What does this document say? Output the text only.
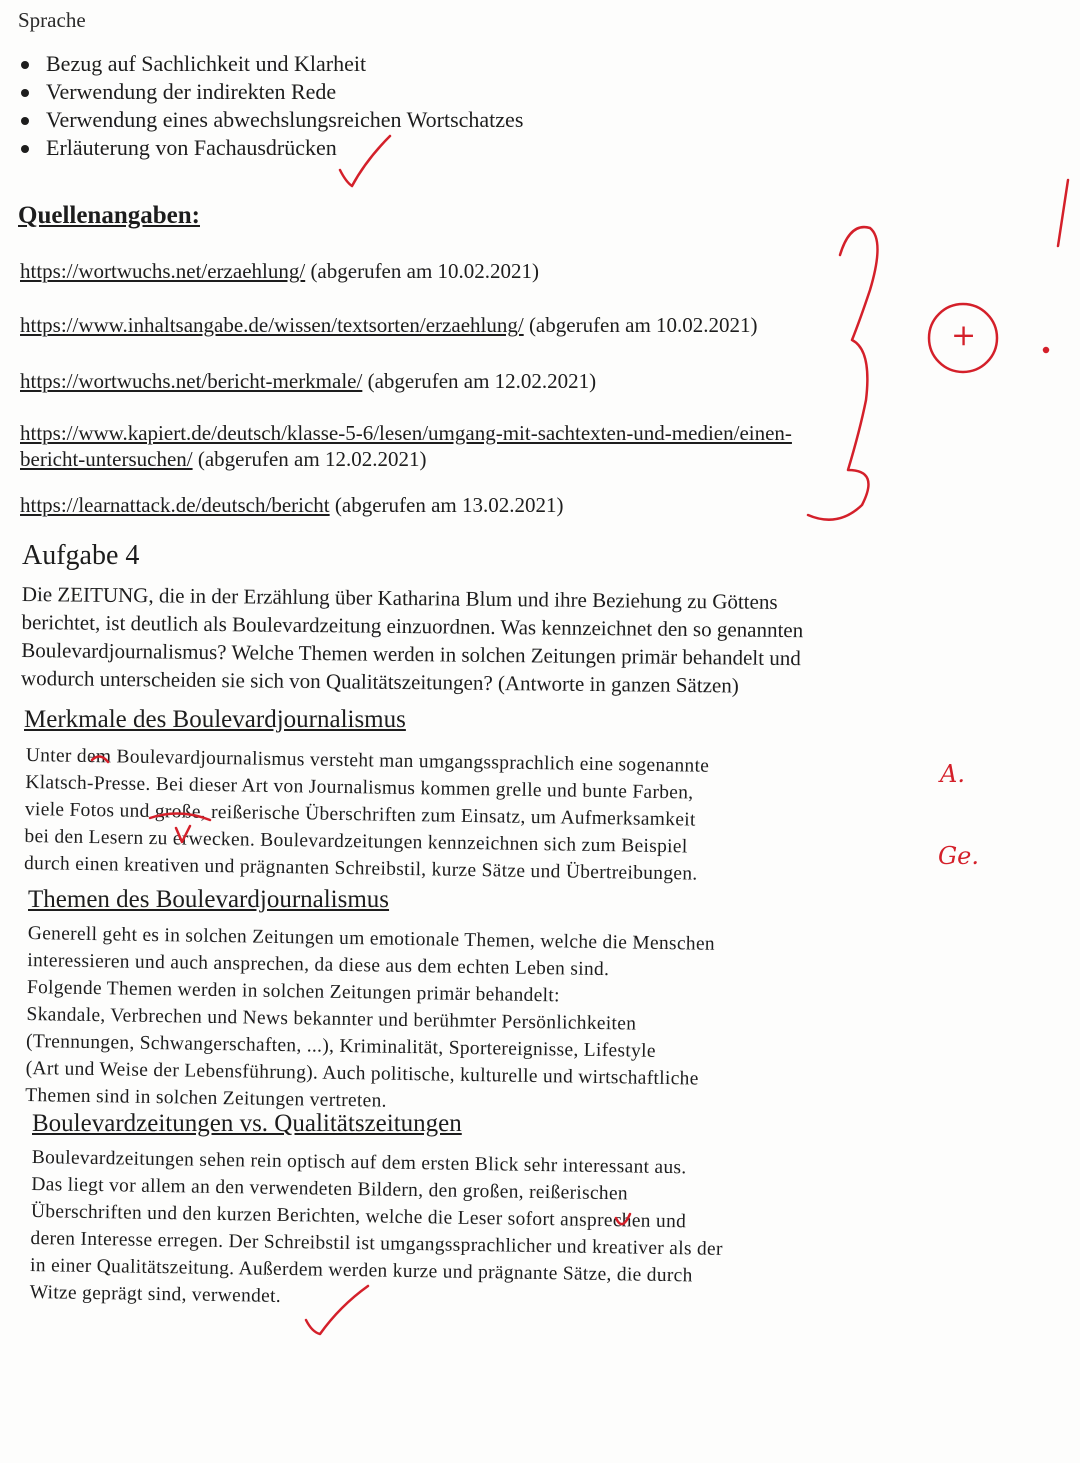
Sprache
Bezug auf Sachlichkeit und Klarheit
Verwendung der indirekten Rede
Verwendung eines abwechslungsreichen Wortschatzes
Erläuterung von Fachausdrücken
Quellenangaben:
https://wortwuchs.net/erzaehlung/ (abgerufen am 10.02.2021)
https://www.inhaltsangabe.de/wissen/textsorten/erzaehlung/ (abgerufen am 10.02.2021)
https://wortwuchs.net/bericht-merkmale/ (abgerufen am 12.02.2021)
https://www.kapiert.de/deutsch/klasse-5-6/lesen/umgang-mit-sachtexten-und-medien/einen-
bericht-untersuchen/ (abgerufen am 12.02.2021)
https://learnattack.de/deutsch/bericht (abgerufen am 13.02.2021)
Aufgabe 4

Die ZEITUNG, die in der Erzählung über Katharina Blum und ihre Beziehung zu Göttens

berichtet, ist deutlich als Boulevardzeitung einzuordnen. Was kennzeichnet den so genannten

Boulevardjournalismus? Welche Themen werden in solchen Zeitungen primär behandelt und

wodurch unterscheiden sie sich von Qualitätszeitungen? (Antworte in ganzen Sätzen)

Merkmale des Boulevardjournalismus

Unter dem Boulevardjournalismus versteht man umgangssprachlich eine sogenannte

Klatsch-Presse. Bei dieser Art von Journalismus kommen grelle und bunte Farben,

viele Fotos und große, reißerische Überschriften zum Einsatz, um Aufmerksamkeit

bei den Lesern zu erwecken. Boulevardzeitungen kennzeichnen sich zum Beispiel

durch einen kreativen und prägnanten Schreibstil, kurze Sätze und Übertreibungen.

Themen des Boulevardjournalismus

Generell geht es in solchen Zeitungen um emotionale Themen, welche die Menschen

interessieren und auch ansprechen, da diese aus dem echten Leben sind.

Folgende Themen werden in solchen Zeitungen primär behandelt:

Skandale, Verbrechen und News bekannter und berühmter Persönlichkeiten

(Trennungen, Schwangerschaften, ...), Kriminalität, Sportereignisse, Lifestyle

(Art und Weise der Lebensführung). Auch politische, kulturelle und wirtschaftliche

Themen sind in solchen Zeitungen vertreten.

Boulevardzeitungen vs. Qualitätszeitungen

Boulevardzeitungen sehen rein optisch auf dem ersten Blick sehr interessant aus.

Das liegt vor allem an den verwendeten Bildern, den großen, reißerischen

Überschriften und den kurzen Berichten, welche die Leser sofort ansprechen und

deren Interesse erregen. Der Schreibstil ist umgangssprachlicher und kreativer als der

in einer Qualitätszeitung. Außerdem werden kurze und prägnante Sätze, die durch

Witze geprägt sind, verwendet.

+
A.
Ge.
